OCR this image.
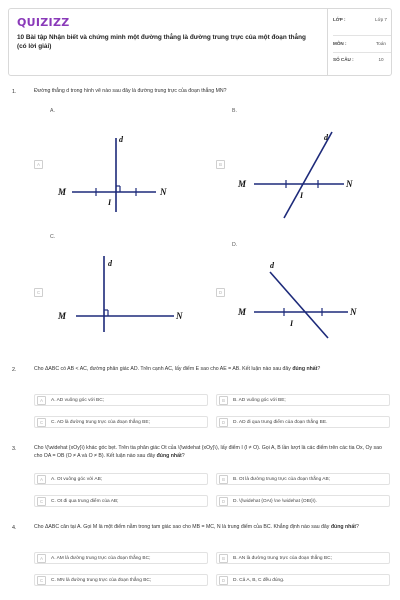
QUIZIZZ
10 Bài tập Nhận biết và chứng minh một đường thẳng là đường trung trực của một đoạn thẳng (có lời giải)
LỚP :	Lớp 7
MÔN :	Toán
SỐ CÂU :	10
1.	Đường thẳng d trong hình vẽ nào sau đây là đường trung trực của đoạn thẳng MN?
A.
A
d
M	N
I
B.
B
d
M	N
I
C.
C
d
M	N
D.
D
d
M	N
I
2.	Cho ΔABC có AB < AC, đường phân giác AD. Trên cạnh AC, lấy điểm E sao cho AE = AB. Kết luận nào sau đây đúng nhất?
A	A. AD vuông góc với BC;	B	B. AD vuông góc với BE;
C	C. AD là đường trung trực của đoạn thẳng BE;	D	D. AD đi qua trung điểm của đoạn thẳng BE.
3.	Cho \(\widehat {xOy}\) khác góc bẹt. Trên tia phân giác Ot của \(\widehat {xOy}\), lấy điểm I (I ≠ O). Gọi A, B lần lượt là các điểm trên các tia Ox, Oy sao cho OA = OB (O ≠ A và O ≠ B). Kết luận nào sau đây đúng nhất?
A	A. Ot vuông góc với AB;	B	B. Ot là đường trung trực của đoạn thẳng AB;
C	C. Ot đi qua trung điểm của AB;	D	D. \(\widehat {OAI} \ne \widehat {OBI}\).
4.	Cho ΔABC cân tại A. Gọi M là một điểm nằm trong tam giác sao cho MB = MC, N là trung điểm của BC. Khẳng định nào sau đây đúng nhất?
A	A. AM là đường trung trực của đoạn thẳng BC;	B	B. AN là đường trung trực của đoạn thẳng BC;
C	C. MN là đường trung trực của đoạn thẳng BC;	D	D. Cả A, B, C đều đúng.
